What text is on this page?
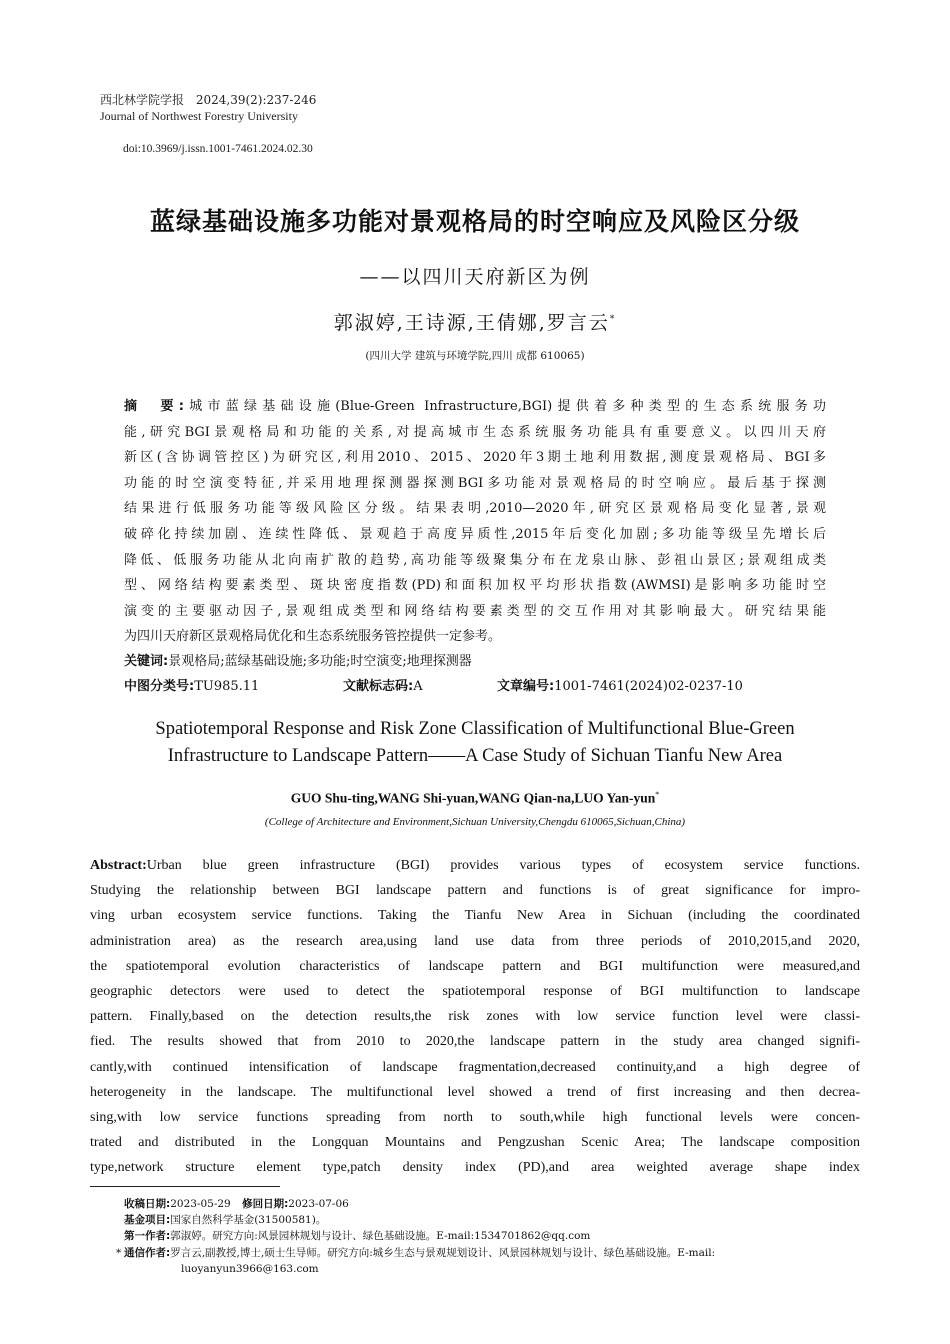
西北林学院学报 2024,39(2):237-246
Journal of Northwest Forestry University
doi:10.3969/j.issn.1001-7461.2024.02.30
蓝绿基础设施多功能对景观格局的时空响应及风险区分级
——以四川天府新区为例
郭淑婷,王诗源,王倩娜,罗言云*
(四川大学 建筑与环境学院,四川 成都 610065)
摘　要:城市蓝绿基础设施(Blue-Green Infrastructure,BGI)提供着多种类型的生态系统服务功
能,研究BGI景观格局和功能的关系,对提高城市生态系统服务功能具有重要意义。以四川天府
新区(含协调管控区)为研究区,利用2010、2015、2020年3期土地利用数据,测度景观格局、BGI多
功能的时空演变特征,并采用地理探测器探测BGI多功能对景观格局的时空响应。最后基于探测
结果进行低服务功能等级风险区分级。结果表明,2010—2020年,研究区景观格局变化显著,景观
破碎化持续加剧、连续性降低、景观趋于高度异质性,2015年后变化加剧;多功能等级呈先增长后
降低、低服务功能从北向南扩散的趋势,高功能等级聚集分布在龙泉山脉、彭祖山景区;景观组成类
型、网络结构要素类型、斑块密度指数(PD)和面积加权平均形状指数(AWMSI)是影响多功能时空
演变的主要驱动因子,景观组成类型和网络结构要素类型的交互作用对其影响最大。研究结果能
为四川天府新区景观格局优化和生态系统服务管控提供一定参考。
关键词:景观格局;蓝绿基础设施;多功能;时空演变;地理探测器
中图分类号:TU985.11	文献标志码:A	文章编号:1001-7461(2024)02-0237-10
Spatiotemporal Response and Risk Zone Classification of Multifunctional Blue-Green
Infrastructure to Landscape Pattern——A Case Study of Sichuan Tianfu New Area
GUO Shu-ting,WANG Shi-yuan,WANG Qian-na,LUO Yan-yun*
(College of Architecture and Environment,Sichuan University,Chengdu 610065,Sichuan,China)
Abstract:Urban blue green infrastructure (BGI) provides various types of ecosystem service functions.
Studying the relationship between BGI landscape pattern and functions is of great significance for impro-
ving urban ecosystem service functions. Taking the Tianfu New Area in Sichuan (including the coordinated
administration area) as the research area,using land use data from three periods of 2010,2015,and 2020,
the spatiotemporal evolution characteristics of landscape pattern and BGI multifunction were measured,and
geographic detectors were used to detect the spatiotemporal response of BGI multifunction to landscape
pattern. Finally,based on the detection results,the risk zones with low service function level were classi-
fied. The results showed that from 2010 to 2020,the landscape pattern in the study area changed signifi-
cantly,with continued intensification of landscape fragmentation,decreased continuity,and a high degree of
heterogeneity in the landscape. The multifunctional level showed a trend of first increasing and then decrea-
sing,with low service functions spreading from north to south,while high functional levels were concen-
trated and distributed in the Longquan Mountains and Pengzushan Scenic Area; The landscape composition
type,network structure element type,patch density index (PD),and area weighted average shape index
收稿日期:2023-05-29 修回日期:2023-07-06
基金项目:国家自然科学基金(31500581)。
第一作者:郭淑婷。研究方向:风景园林规划与设计、绿色基础设施。E-mail:1534701862@qq.com
* 通信作者:罗言云,副教授,博士,硕士生导师。研究方向:城乡生态与景观规划设计、风景园林规划与设计、绿色基础设施。E-mail:
luoyanyun3966@163.com
